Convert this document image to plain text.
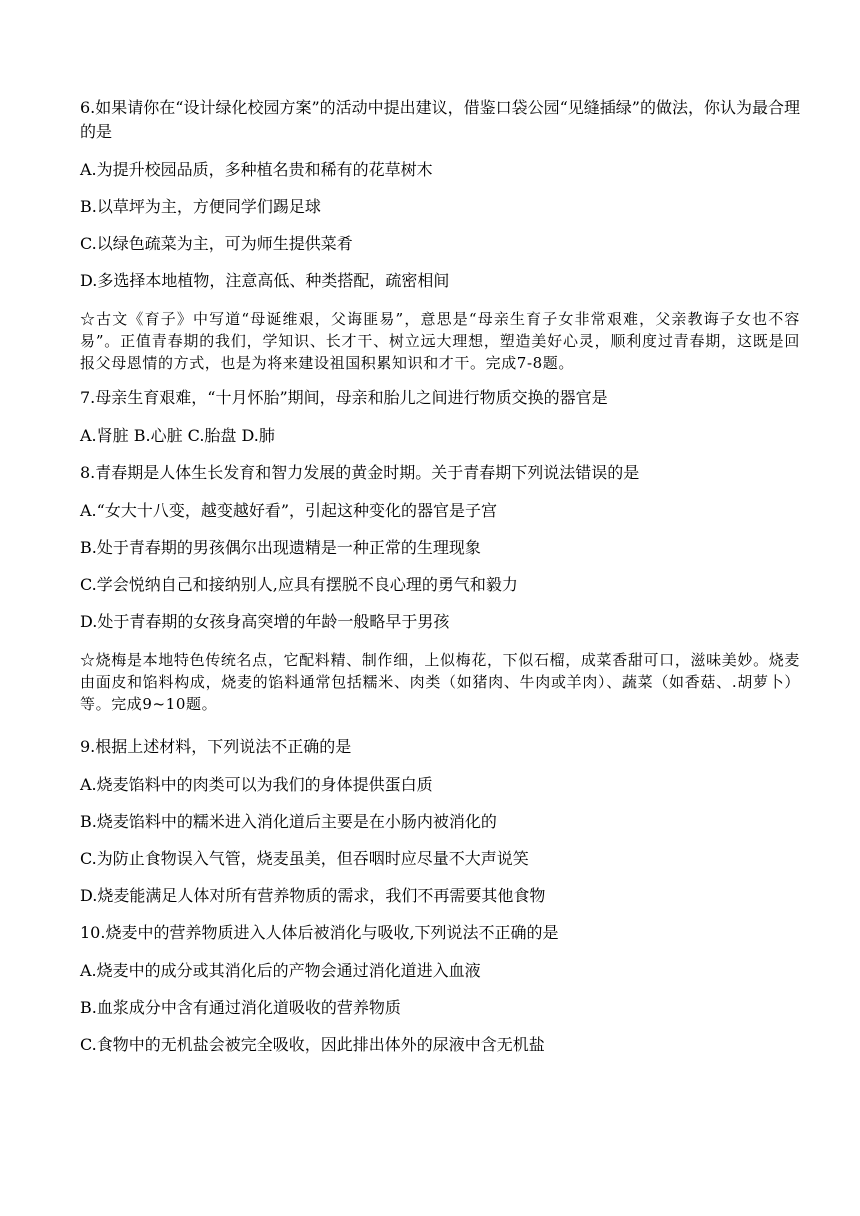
6.如果请你在“设计绿化校园方案”的活动中提出建议，借鉴口袋公园“见缝插绿”的做法，你认为最合理的是

A.为提升校园品质，多种植名贵和稀有的花草树木

B.以草坪为主，方便同学们踢足球

C.以绿色疏菜为主，可为师生提供菜肴

D.多选择本地植物，注意高低、种类搭配，疏密相间

☆古文《育子》中写道“母诞维艰，父诲匪易”，意思是“母亲生育子女非常艰难，父亲教诲子女也不容易”。正值青春期的我们，学知识、长才干、树立远大理想，塑造美好心灵，顺利度过青春期，这既是回报父母恩情的方式，也是为将来建设祖国积累知识和才干。完成7-8题。

7.母亲生育艰难，“十月怀胎”期间，母亲和胎儿之间进行物质交换的器官是

A.肾脏 B.心脏 C.胎盘 D.肺

8.青春期是人体生长发育和智力发展的黄金时期。关于青春期下列说法错误的是

A.“女大十八变，越变越好看”，引起这种变化的器官是子宫

B.处于青春期的男孩偶尔出现遗精是一种正常的生理现象

C.学会悦纳自己和接纳别人,应具有摆脱不良心理的勇气和毅力

D.处于青春期的女孩身高突增的年龄一般略早于男孩

☆烧梅是本地特色传统名点，它配料精、制作细，上似梅花，下似石榴，成菜香甜可口，滋味美妙。烧麦由面皮和馅料构成，烧麦的馅料通常包括糯米、肉类（如猪肉、牛肉或羊肉）、蔬菜（如香菇、.胡萝卜）等。完成9~10题。

9.根据上述材料，下列说法不正确的是

A.烧麦馅料中的肉类可以为我们的身体提供蛋白质

B.烧麦馅料中的糯米进入消化道后主要是在小肠内被消化的

C.为防止食物误入气管，烧麦虽美，但吞咽时应尽量不大声说笑

D.烧麦能满足人体对所有营养物质的需求，我们不再需要其他食物

10.烧麦中的营养物质进入人体后被消化与吸收,下列说法不正确的是

A.烧麦中的成分或其消化后的产物会通过消化道进入血液

B.血浆成分中含有通过消化道吸收的营养物质

C.食物中的无机盐会被完全吸收，因此排出体外的尿液中含无机盐
